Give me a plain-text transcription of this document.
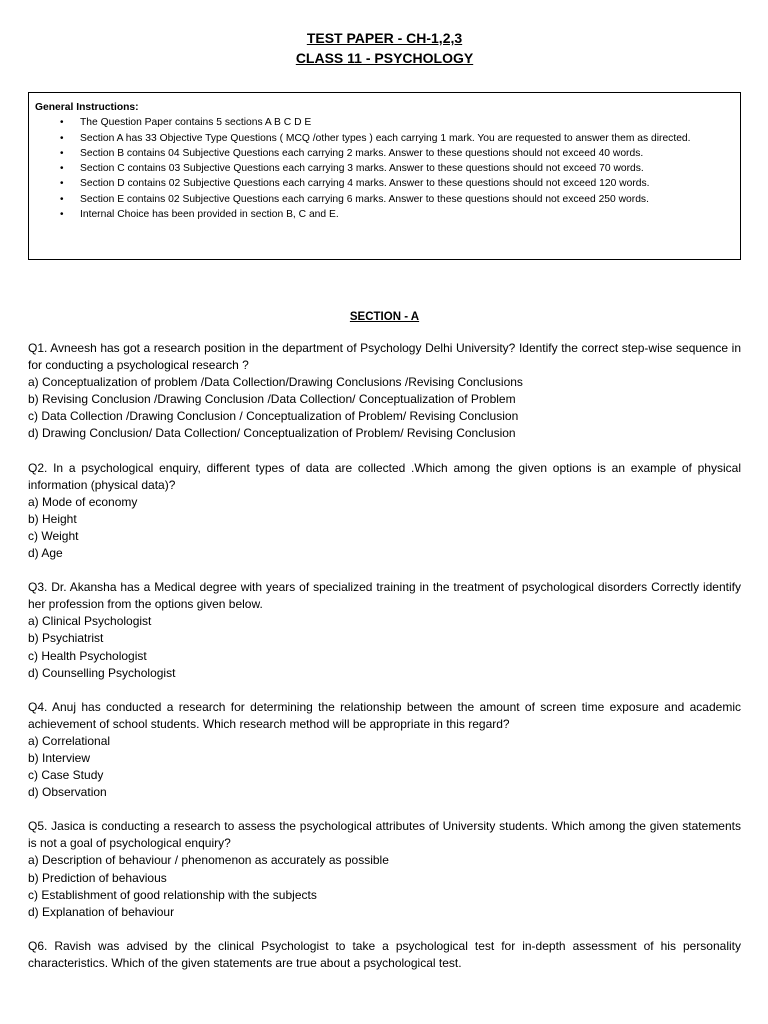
TEST PAPER - CH-1,2,3
CLASS 11 - PSYCHOLOGY
General Instructions:
• The Question Paper contains 5 sections A B C D E
• Section A has 33 Objective Type Questions ( MCQ /other types ) each carrying 1 mark. You are requested to answer them as directed.
• Section B contains 04 Subjective Questions each carrying 2 marks. Answer to these questions should not exceed 40 words.
• Section C contains 03 Subjective Questions each carrying 3 marks. Answer to these questions should not exceed 70 words.
• Section D contains 02 Subjective Questions each carrying 4 marks. Answer to these questions should not exceed 120 words.
• Section E contains 02 Subjective Questions each carrying 6 marks. Answer to these questions should not exceed 250 words.
• Internal Choice has been provided in section B, C and E.
SECTION - A
Q1. Avneesh has got a research position in the department of Psychology Delhi University? Identify the correct step-wise sequence in for conducting a psychological research ?
a) Conceptualization of problem /Data Collection/Drawing Conclusions /Revising Conclusions
b) Revising Conclusion /Drawing Conclusion /Data Collection/ Conceptualization of Problem
c) Data Collection /Drawing Conclusion / Conceptualization of Problem/ Revising Conclusion
d) Drawing Conclusion/ Data Collection/ Conceptualization of Problem/ Revising Conclusion
Q2. In a psychological enquiry, different types of data are collected .Which among the given options is an example of physical information (physical data)?
a) Mode of economy
b) Height
c) Weight
d) Age
Q3. Dr. Akansha has a Medical degree with years of specialized training in the treatment of psychological disorders Correctly identify her profession from the options given below.
a) Clinical Psychologist
b) Psychiatrist
c) Health Psychologist
d) Counselling Psychologist
Q4. Anuj has conducted a research for determining the relationship between the amount of screen time exposure and academic achievement of school students. Which research method will be appropriate in this regard?
a) Correlational
b) Interview
c) Case Study
d) Observation
Q5. Jasica is conducting a research to assess the psychological attributes of University students. Which among the given statements is not a goal of psychological enquiry?
a) Description of behaviour / phenomenon as accurately as possible
b) Prediction of behavious
c) Establishment of good relationship with the subjects
d) Explanation of behaviour
Q6. Ravish was advised by the clinical Psychologist to take a psychological test for in-depth assessment of his personality characteristics. Which of the given statements are true about a psychological test.
